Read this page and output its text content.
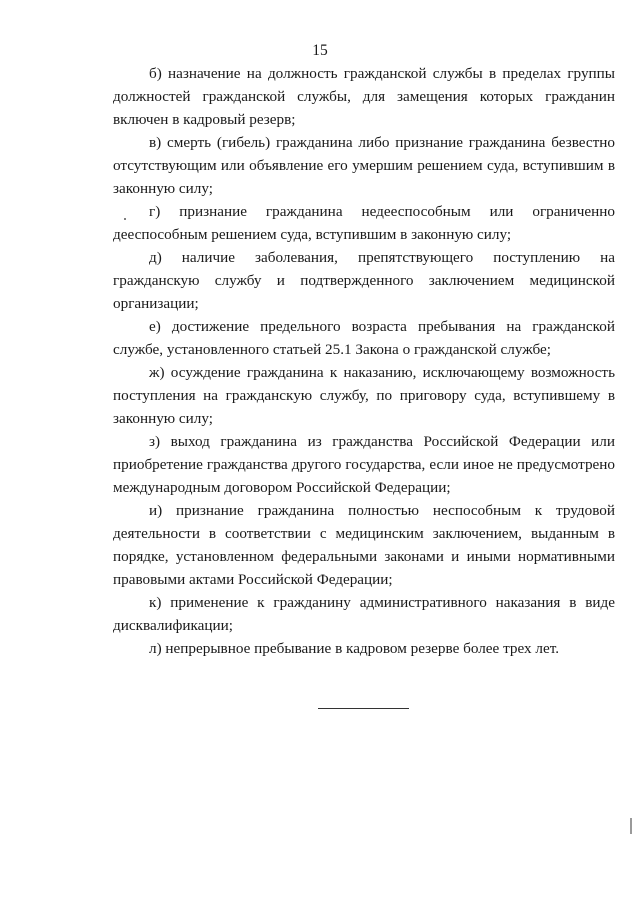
15

б) назначение на должность гражданской службы в пределах группы должностей гражданской службы, для замещения которых гражданин включен в кадровый резерв;

в) смерть (гибель) гражданина либо признание гражданина безвестно отсутствующим или объявление его умершим решением суда, вступившим в законную силу;

г) признание гражданина недееспособным или ограниченно дееспособным решением суда, вступившим в законную силу;

д) наличие заболевания, препятствующего поступлению на гражданскую службу и подтвержденного заключением медицинской организации;

е) достижение предельного возраста пребывания на гражданской службе, установленного статьей 25.1 Закона о гражданской службе;

ж) осуждение гражданина к наказанию, исключающему возможность поступления на гражданскую службу, по приговору суда, вступившему в законную силу;

з) выход гражданина из гражданства Российской Федерации или приобретение гражданства другого государства, если иное не предусмотрено международным договором Российской Федерации;

и) признание гражданина полностью неспособным к трудовой деятельности в соответствии с медицинским заключением, выданным в порядке, установленном федеральными законами и иными нормативными правовыми актами Российской Федерации;

к) применение к гражданину административного наказания в виде дисквалификации;

л) непрерывное пребывание в кадровом резерве более трех лет.
